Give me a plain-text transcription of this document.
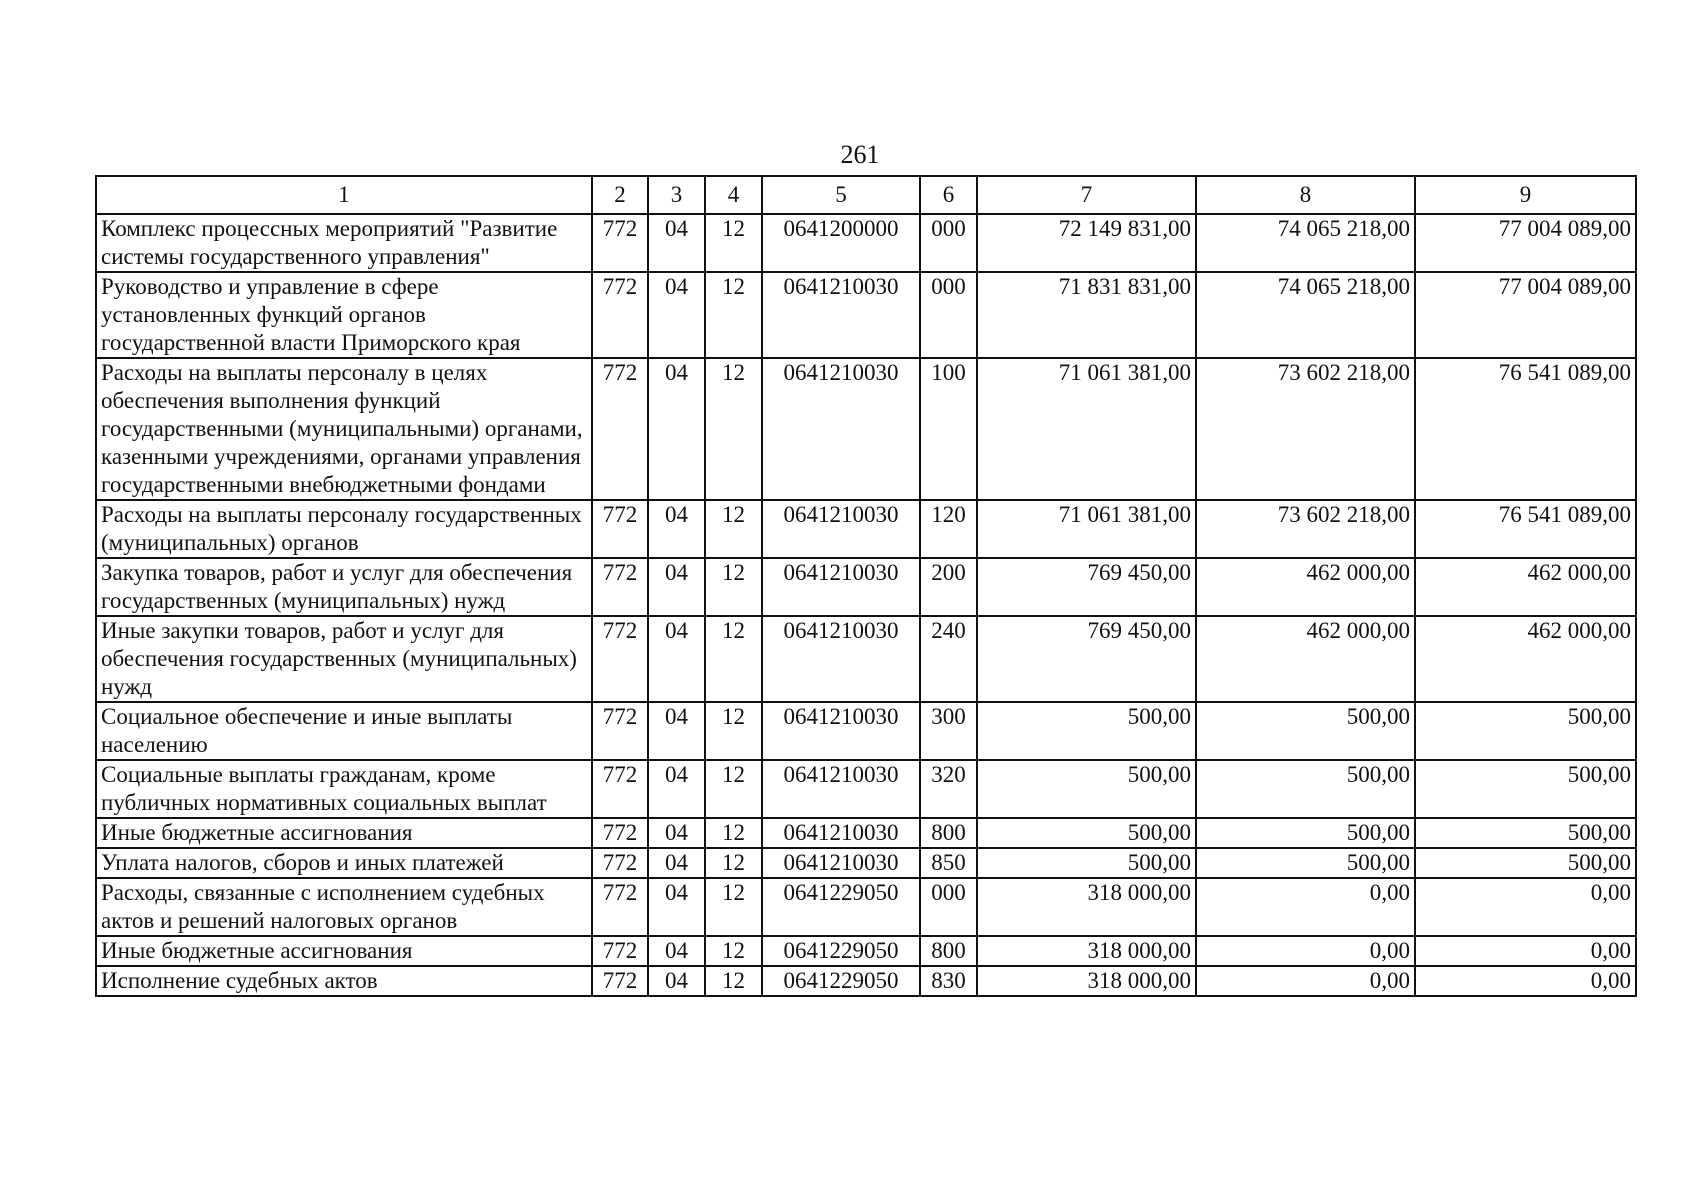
261
1	2	3	4	5	6	7	8	9
Комплекс процессных мероприятий "Развитие системы государственного управления"	772	04	12	0641200000	000	72 149 831,00	74 065 218,00	77 004 089,00
Руководство и управление в сфере установленных функций органов государственной власти Приморского края	772	04	12	0641210030	000	71 831 831,00	74 065 218,00	77 004 089,00
Расходы на выплаты персоналу в целях обеспечения выполнения функций государственными (муниципальными) органами, казенными учреждениями, органами управления государственными внебюджетными фондами	772	04	12	0641210030	100	71 061 381,00	73 602 218,00	76 541 089,00
Расходы на выплаты персоналу государственных (муниципальных) органов	772	04	12	0641210030	120	71 061 381,00	73 602 218,00	76 541 089,00
Закупка товаров, работ и услуг для обеспечения государственных (муниципальных) нужд	772	04	12	0641210030	200	769 450,00	462 000,00	462 000,00
Иные закупки товаров, работ и услуг для обеспечения государственных (муниципальных) нужд	772	04	12	0641210030	240	769 450,00	462 000,00	462 000,00
Социальное обеспечение и иные выплаты населению	772	04	12	0641210030	300	500,00	500,00	500,00
Социальные выплаты гражданам, кроме публичных нормативных социальных выплат	772	04	12	0641210030	320	500,00	500,00	500,00
Иные бюджетные ассигнования	772	04	12	0641210030	800	500,00	500,00	500,00
Уплата налогов, сборов и иных платежей	772	04	12	0641210030	850	500,00	500,00	500,00
Расходы, связанные с исполнением судебных актов и решений налоговых органов	772	04	12	0641229050	000	318 000,00	0,00	0,00
Иные бюджетные ассигнования	772	04	12	0641229050	800	318 000,00	0,00	0,00
Исполнение судебных актов	772	04	12	0641229050	830	318 000,00	0,00	0,00
